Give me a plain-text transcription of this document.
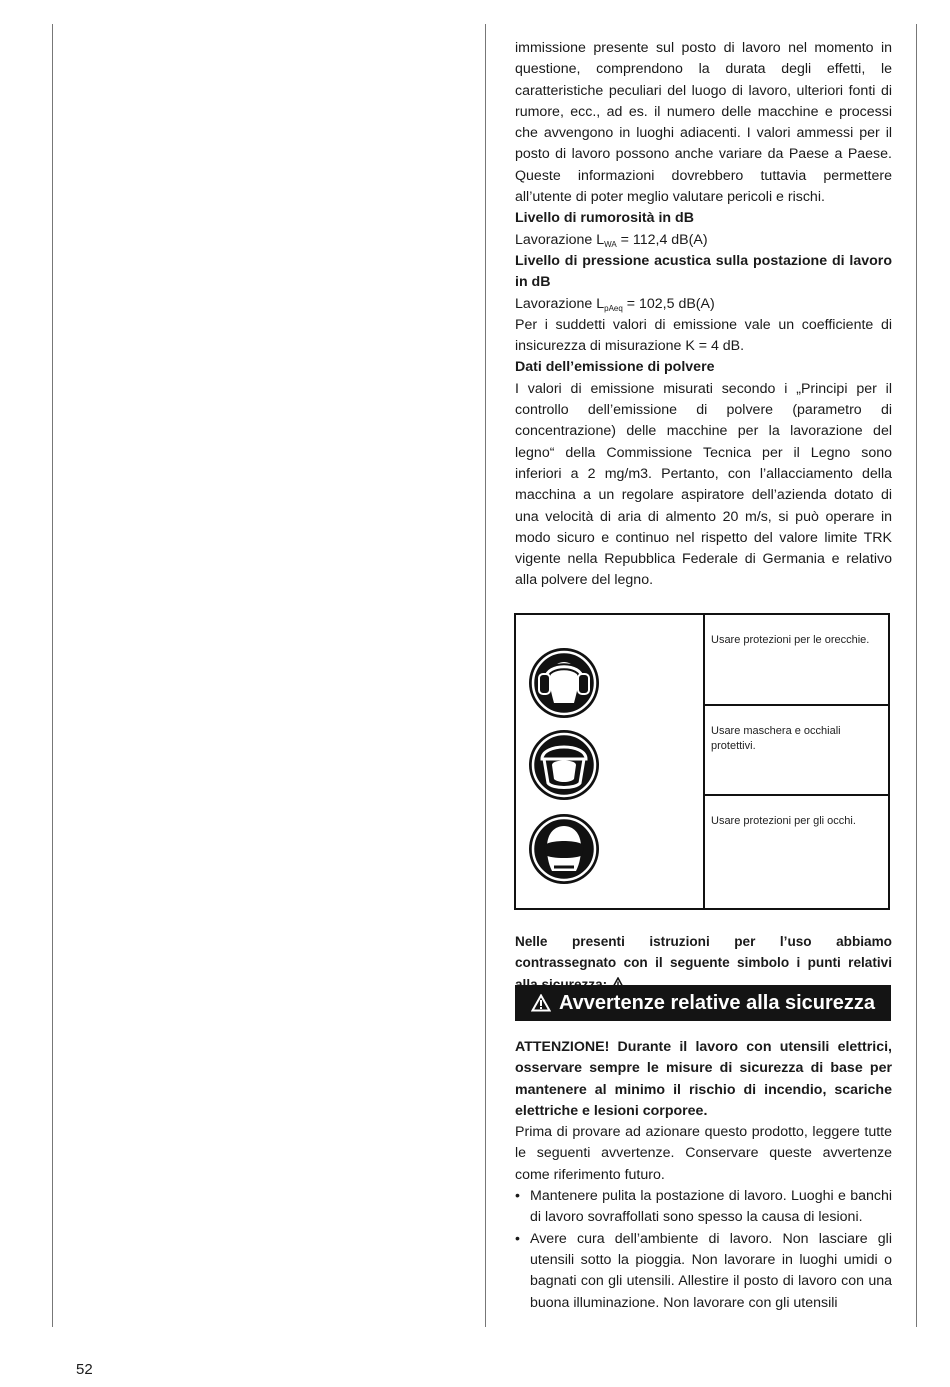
immissione presente sul posto di lavoro nel momento in questione, comprendono la durata degli effetti, le caratteristiche peculiari del luogo di lavoro, ulteriori fonti di rumore, ecc., ad es. il numero delle macchine e processi che avvengono in luoghi adiacenti. I valori ammessi per il posto di lavoro possono anche variare da Paese a Paese. Queste informazioni dovrebbero tuttavia permettere all’utente di poter meglio valutare pericoli e rischi.

Livello di rumorosità in dB

Lavorazione $L_{WA} = 112,4$ dB(A)

Livello di pressione acustica sulla postazione di lavoro in dB

Lavorazione $L_{pAeq} = 102,5$ dB(A)

Per i suddetti valori di emissione vale un coefficiente di insicurezza di misurazione K = 4 dB.

Dati dell’emissione di polvere

I valori di emissione misurati secondo i „Principi per il controllo dell’emissione di polvere (parametro di concentrazione) delle macchine per la lavorazione del legno“ della Commissione Tecnica per il Legno sono inferiori a 2 mg/m3. Pertanto, con l’allacciamento della macchina a un regolare aspiratore dell’azienda dotato di una velocità di aria di almento 20 m/s, si può operare in modo sicuro e continuo nel rispetto del valore limite TRK vigente nella Repubblica Federale di Germania e relativo alla polvere del legno.

Usare protezioni per le orecchie.
Usare maschera e occhiali protettivi.
Usare protezioni per gli occhi.
Nelle presenti istruzioni per l’uso abbiamo contrassegnato con il seguente simbolo i punti relativi
Avvertenze relative alla sicurezza

ATTENZIONE! Durante il lavoro con utensili elettrici, osservare sempre le misure di sicurezza di base per mantenere al minimo il rischio di incendio, scariche elettriche e lesioni corporee.

Prima di provare ad azionare questo prodotto, leggere tutte le seguenti avvertenze. Conservare queste avvertenze come riferimento futuro.

• Mantenere pulita la postazione di lavoro. Luoghi e banchi di lavoro sovraffollati sono spesso la causa di lesioni.
• Avere cura dell’ambiente di lavoro. Non lasciare gli utensili sotto la pioggia. Non lavorare in luoghi umidi o bagnati con gli utensili. Allestire il posto di lavoro con una buona illuminazione. Non lavorare con gli utensili
52
